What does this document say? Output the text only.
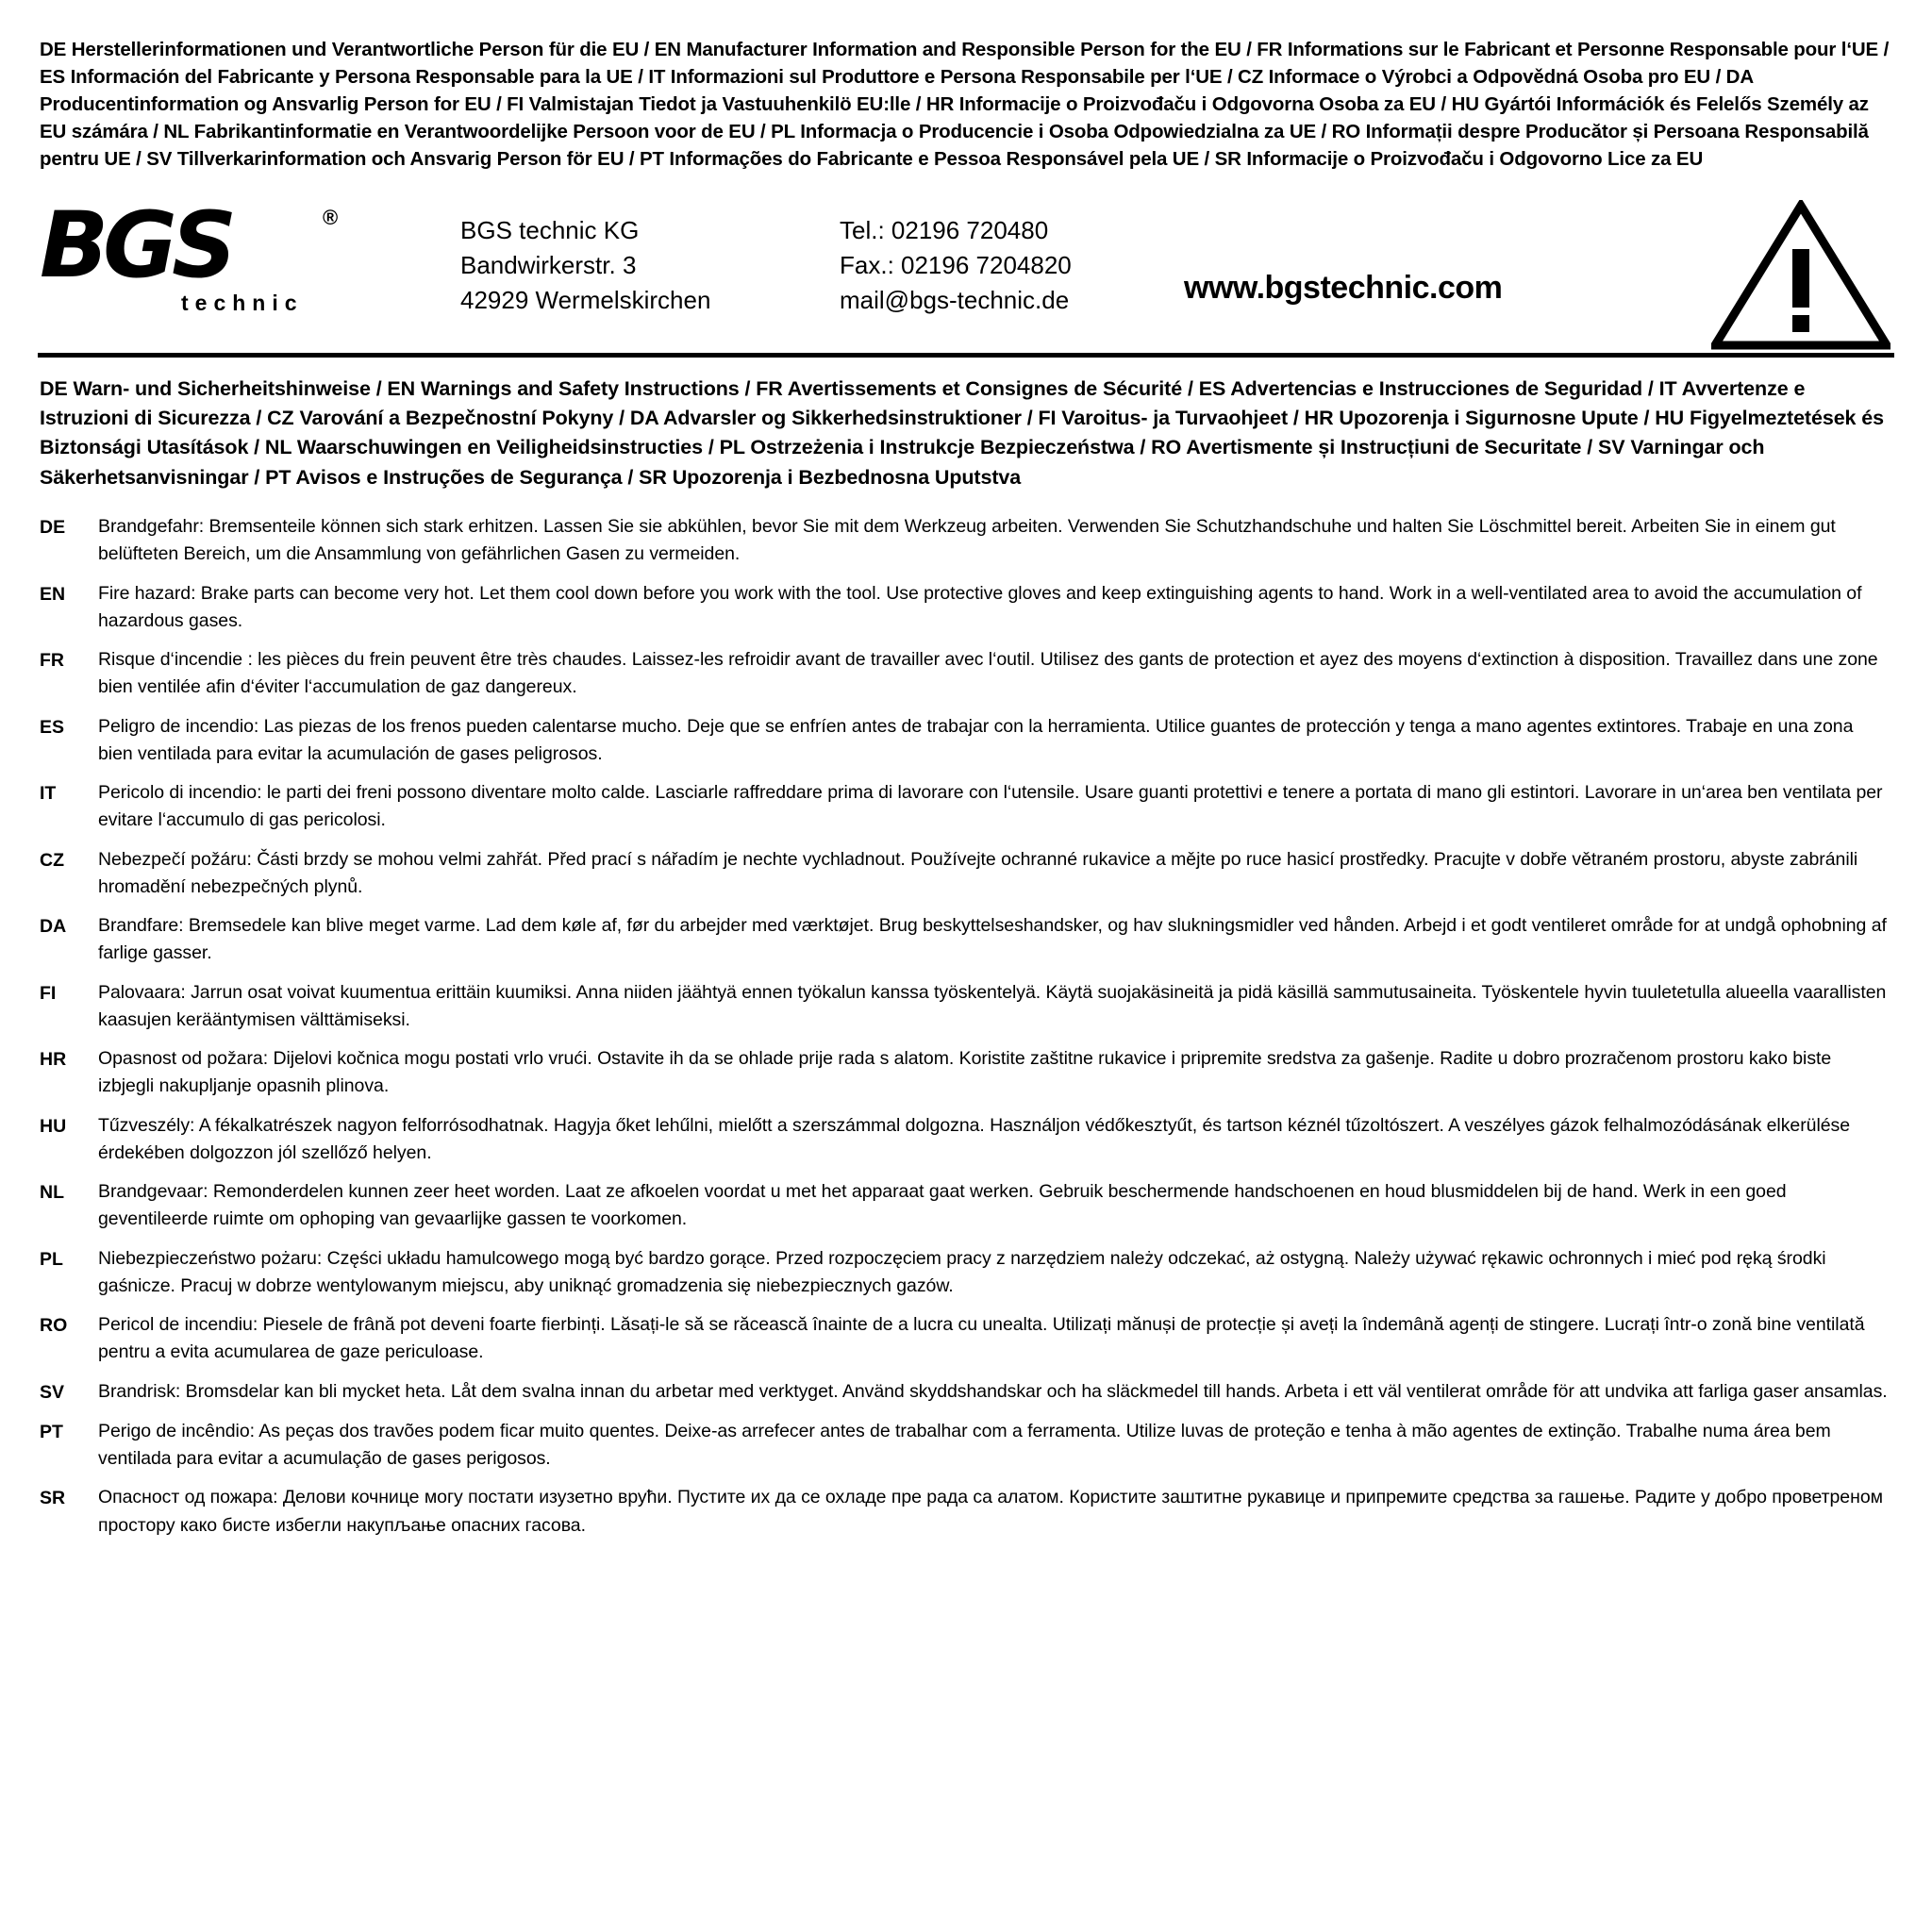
DE Herstellerinformationen und Verantwortliche Person für die EU / EN Manufacturer Information and Responsible Person for the EU / FR Informations sur le Fabricant et Personne Responsable pour l‘UE / ES Información del Fabricante y Persona Responsable para la UE / IT Informazioni sul Produttore e Persona Responsabile per l‘UE / CZ Informace o Výrobci a Odpovědná Osoba pro EU / DA Producentinformation og Ansvarlig Person for EU / FI Valmistajan Tiedot ja Vastuuhenkilö EU:lle / HR Informacije o Proizvođaču i Odgovorna Osoba za EU / HU Gyártói Információk és Felelős Személy az EU számára / NL Fabrikantinformatie en Verantwoordelijke Persoon voor de EU / PL Informacja o Producencie i Osoba Odpowiedzialna za UE / RO Informații despre Producător și Persoana Responsabilă pentru UE / SV Tillverkarinformation och Ansvarig Person för EU / PT Informações do Fabricante e Pessoa Responsável pela UE / SR Informacije o Proizvođaču i Odgovorno Lice za EU
BGS	®
technic
BGS technic KG
Bandwirkerstr. 3
42929 Wermelskirchen
Tel.: 02196 720480
Fax.: 02196 7204820
mail@bgs-technic.de	www.bgstechnic.com
DE Warn- und Sicherheitshinweise / EN Warnings and Safety Instructions / FR Avertissements et Consignes de Sécurité / ES Advertencias e Instrucciones de Seguridad / IT Avvertenze e Istruzioni di Sicurezza / CZ Varování a Bezpečnostní Pokyny / DA Advarsler og Sikkerhedsinstruktioner / FI Varoitus- ja Turvaohjeet / HR Upozorenja i Sigurnosne Upute / HU Figyelmeztetések és Biztonsági Utasítások / NL Waarschuwingen en Veiligheidsinstructies / PL Ostrzeżenia i Instrukcje Bezpieczeństwa / RO Avertismente și Instrucțiuni de Securitate / SV Varningar och Säkerhetsanvisningar / PT Avisos e Instruções de Segurança / SR Upozorenja i Bezbednosna Uputstva
DE	Brandgefahr: Bremsenteile können sich stark erhitzen. Lassen Sie sie abkühlen, bevor Sie mit dem Werkzeug arbeiten. Verwenden Sie Schutzhandschuhe und halten Sie Löschmittel bereit. Arbeiten Sie in einem gut belüfteten Bereich, um die Ansammlung von gefährlichen Gasen zu vermeiden.
EN	Fire hazard: Brake parts can become very hot. Let them cool down before you work with the tool. Use protective gloves and keep extinguishing agents to hand. Work in a well-ventilated area to avoid the accumulation of hazardous gases.
FR	Risque d‘incendie : les pièces du frein peuvent être très chaudes. Laissez-les refroidir avant de travailler avec l‘outil. Utilisez des gants de protection et ayez des moyens d‘extinction à disposition. Travaillez dans une zone bien ventilée afin d‘éviter l‘accumulation de gaz dangereux.
ES	Peligro de incendio: Las piezas de los frenos pueden calentarse mucho. Deje que se enfríen antes de trabajar con la herramienta. Utilice guantes de protección y tenga a mano agentes extintores. Trabaje en una zona bien ventilada para evitar la acumulación de gases peligrosos.
IT	Pericolo di incendio: le parti dei freni possono diventare molto calde. Lasciarle raffreddare prima di lavorare con l‘utensile. Usare guanti protettivi e tenere a portata di mano gli estintori. Lavorare in un‘area ben ventilata per evitare l‘accumulo di gas pericolosi.
CZ	Nebezpečí požáru: Části brzdy se mohou velmi zahřát. Před prací s nářadím je nechte vychladnout. Používejte ochranné rukavice a mějte po ruce hasicí prostředky. Pracujte v dobře větraném prostoru, abyste zabránili hromadění nebezpečných plynů.
DA	Brandfare: Bremsedele kan blive meget varme. Lad dem køle af, før du arbejder med værktøjet. Brug beskyttelseshandsker, og hav slukningsmidler ved hånden. Arbejd i et godt ventileret område for at undgå ophobning af farlige gasser.
FI	Palovaara: Jarrun osat voivat kuumentua erittäin kuumiksi. Anna niiden jäähtyä ennen työkalun kanssa työskentelyä. Käytä suojakäsineitä ja pidä käsillä sammutusaineita. Työskentele hyvin tuuletetulla alueella vaarallisten kaasujen kerääntymisen välttämiseksi.
HR	Opasnost od požara: Dijelovi kočnica mogu postati vrlo vrući. Ostavite ih da se ohlade prije rada s alatom. Koristite zaštitne rukavice i pripremite sredstva za gašenje. Radite u dobro prozračenom prostoru kako biste izbjegli nakupljanje opasnih plinova.
HU	Tűzveszély: A fékalkatrészek nagyon felforrósodhatnak. Hagyja őket lehűlni, mielőtt a szerszámmal dolgozna. Használjon védőkesztyűt, és tartson kéznél tűzoltószert. A veszélyes gázok felhalmozódásának elkerülése érdekében dolgozzon jól szellőző helyen.
NL	Brandgevaar: Remonderdelen kunnen zeer heet worden. Laat ze afkoelen voordat u met het apparaat gaat werken. Gebruik beschermende handschoenen en houd blusmiddelen bij de hand. Werk in een goed geventileerde ruimte om ophoping van gevaarlijke gassen te voorkomen.
PL	Niebezpieczeństwo pożaru: Części układu hamulcowego mogą być bardzo gorące. Przed rozpoczęciem pracy z narzędziem należy odczekać, aż ostygną. Należy używać rękawic ochronnych i mieć pod ręką środki gaśnicze. Pracuj w dobrze wentylowanym miejscu, aby uniknąć gromadzenia się niebezpiecznych gazów.
RO	Pericol de incendiu: Piesele de frână pot deveni foarte fierbinți. Lăsați-le să se răcească înainte de a lucra cu unealta. Utilizați mănuși de protecție și aveți la îndemână agenți de stingere. Lucrați într-o zonă bine ventilată pentru a evita acumularea de gaze periculoase.
SV	Brandrisk: Bromsdelar kan bli mycket heta. Låt dem svalna innan du arbetar med verktyget. Använd skyddshandskar och ha släckmedel till hands. Arbeta i ett väl ventilerat område för att undvika att farliga gaser ansamlas.
PT	Perigo de incêndio: As peças dos travões podem ficar muito quentes. Deixe-as arrefecer antes de trabalhar com a ferramenta. Utilize luvas de proteção e tenha à mão agentes de extinção. Trabalhe numa área bem ventilada para evitar a acumulação de gases perigosos.
SR	Опасност од пожара: Делови кочнице могу постати изузетно врући. Пустите их да се охладе пре рада са алатом. Користите заштитне рукавице и припремите средства за гашење. Радите у добро проветреном простору како бисте избегли накупљање опасних гасова.
